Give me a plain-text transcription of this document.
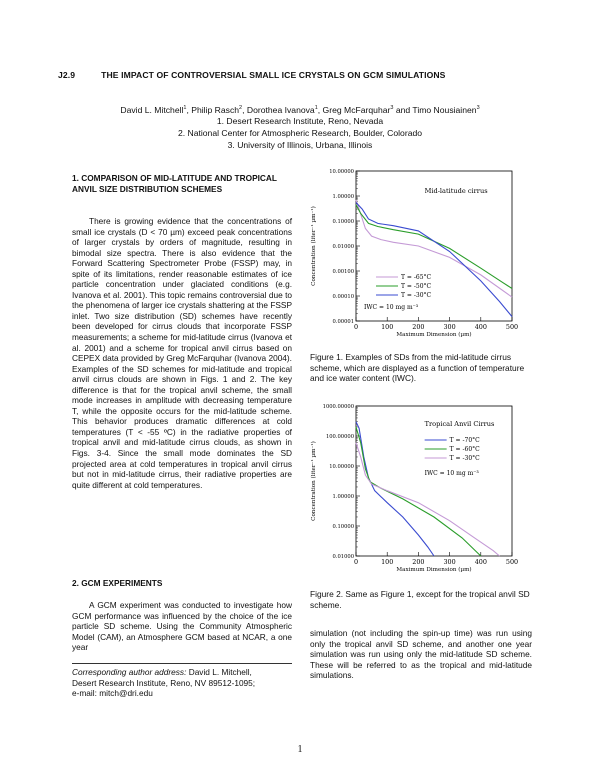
J2.9	THE IMPACT OF CONTROVERSIAL SMALL ICE CRYSTALS ON GCM SIMULATIONS
David L. Mitchell$^1$, Philip Rasch$^2$, Dorothea Ivanova$^1$, Greg McFarquhar$^3$ and Timo Nousiainen$^3$
1. Desert Research Institute, Reno, Nevada
2. National Center for Atmospheric Research, Boulder, Colorado
3. University of Illinois, Urbana, Illinois
1. COMPARISON OF MID-LATITUDE AND TROPICAL ANVIL SIZE DISTRIBUTION SCHEMES

There is growing evidence that the concentrations of small ice crystals (D < 70 µm) exceed peak concentrations of larger crystals by orders of magnitude, resulting in bimodal size spectra. There is also evidence that the Forward Scattering Spectrometer Probe (FSSP) may, in spite of its limitations, render reasonable estimates of ice particle concentration under glaciated conditions (e.g. Ivanova et al. 2001). This topic remains controversial due to the phenomena of larger ice crystals shattering at the FSSP inlet. Two size distribution (SD) schemes have recently been developed for cirrus clouds that incorporate FSSP measurements; a scheme for mid-latitude cirrus (Ivanova et al. 2001) and a scheme for tropical anvil cirrus based on CEPEX data provided by Greg McFarquhar (Ivanova 2004). Examples of the SD schemes for mid-latitude and tropical anvil cirrus clouds are shown in Figs. 1 and 2. The key difference is that for the tropical anvil scheme, the small mode increases in amplitude with decreasing temperature T, while the opposite occurs for the mid-latitude scheme. This behavior produces dramatic differences at cold temperatures (T < -55 ºC) in the radiative properties of tropical anvil and mid-latitude cirrus clouds, as shown in Figs. 3-4. Since the small mode dominates the SD projected area at cold temperatures in tropical anvil cirrus but not in mid-latitude cirrus, their radiative properties are quite different at cold temperatures.

2. GCM EXPERIMENTS

A GCM experiment was conducted to investigate how GCM performance was influenced by the choice of the ice particle SD scheme. Using the Community Atmospheric Model (CAM), an Atmosphere GCM based at NCAR, a one year

Corresponding author address: David L. Mitchell,
Desert Research Institute, Reno, NV 89512-1095;
e-mail: mitch@dri.edu
0.00001
0.00010
0.00100
0.01000
0.10000
1.00000
10.00000
0	100	200	300	400	500
Maximum Dimension (µm)
Concentration (liter⁻¹ µm⁻¹)
Mid-latitude cirrus
T = -65°C
T = -50°C
T = -30°C
IWC = 10 mg m⁻³
Figure 1. Examples of SDs from the mid-latitude cirrus scheme, which are displayed as a function of temperature and ice water content (IWC).
0.01000
0.10000
1.00000
10.00000
100.00000
1000.00000
0	100	200	300	400	500
Maximum Dimension (µm)
Concentration (liter⁻¹ µm⁻¹)
Tropical Anvil Cirrus
T = -70°C
T = -60°C
T = -30°C
IWC = 10 mg m⁻³
Figure 2. Same as Figure 1, except for the tropical anvil SD scheme.

simulation (not including the spin-up time) was run using only the tropical anvil SD scheme, and another one year simulation was run using only the mid-latitude SD scheme. These will be referred to as the tropical and mid-latitude simulations.

1
